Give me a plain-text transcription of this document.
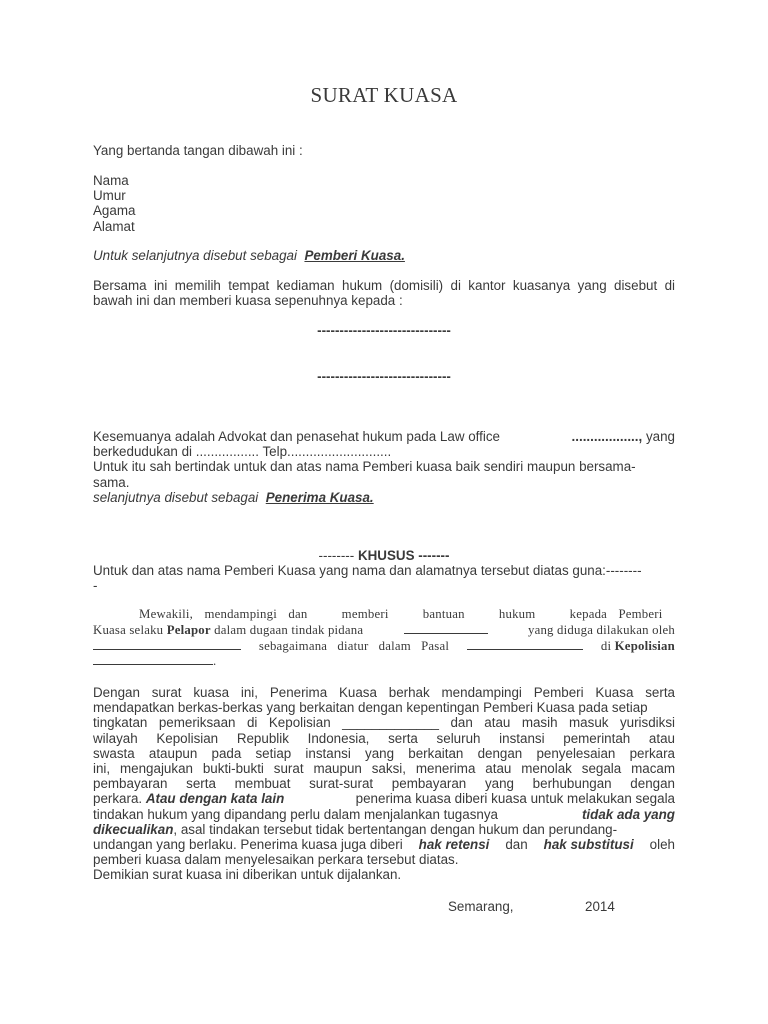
SURAT KUASA
Yang bertanda tangan dibawah ini :
Nama
Umur
Agama
Alamat
Untuk selanjutnya disebut sebagai Pemberi Kuasa.
Bersama ini memilih tempat kediaman hukum (domisili) di kantor kuasanya yang disebut di
bawah ini dan memberi kuasa sepenuhnya kepada :
------------------------------
------------------------------
Kesemuanya adalah Advokat dan penasehat hukum pada Law office	.................., yang
berkedudukan di ................. Telp............................
Untuk itu sah bertindak untuk dan atas nama Pemberi kuasa baik sendiri maupun bersama-
sama.
selanjutnya disebut sebagai Penerima Kuasa.
-------- KHUSUS -------
Untuk dan atas nama Pemberi Kuasa yang nama dan alamatnya tersebut diatas guna:--------
-
Mewakili, mendampingi dan   memberi   bantuan   hukum   kepada Pemberi
Kuasa selaku Pelapor dalam dugaan tindak pidana	yang diduga dilakukan oleh
sebagaimana   diatur   dalam   Pasal	di Kepolisian
.
Dengan surat kuasa ini, Penerima Kuasa berhak mendampingi Pemberi Kuasa serta
mendapatkan berkas-berkas yang berkaitan dengan kepentingan Pemberi Kuasa pada setiap
tingkatan pemeriksaan di Kepolisian _____________ dan atau masih masuk yurisdiksi
wilayah Kepolisian Republik Indonesia, serta seluruh instansi pemerintah atau
swasta ataupun pada setiap instansi yang berkaitan dengan penyelesaian perkara
ini, mengajukan bukti-bukti surat maupun saksi, menerima atau menolak segala macam
pembayaran serta membuat surat-surat pembayaran yang berhubungan dengan
perkara. Atau dengan kata lain	penerima kuasa diberi kuasa untuk melakukan segala
tindakan hukum yang dipandang perlu dalam menjalankan tugasnya	tidak ada yang
dikecualikan, asal tindakan tersebut tidak bertentangan dengan hukum dan perundang-
undangan yang berlaku. Penerima kuasa juga diberi hak retensi dan hak substitusi oleh
pemberi kuasa dalam menyelesaikan perkara tersebut diatas.
Demikian surat kuasa ini diberikan untuk dijalankan.
Semarang,	2014
